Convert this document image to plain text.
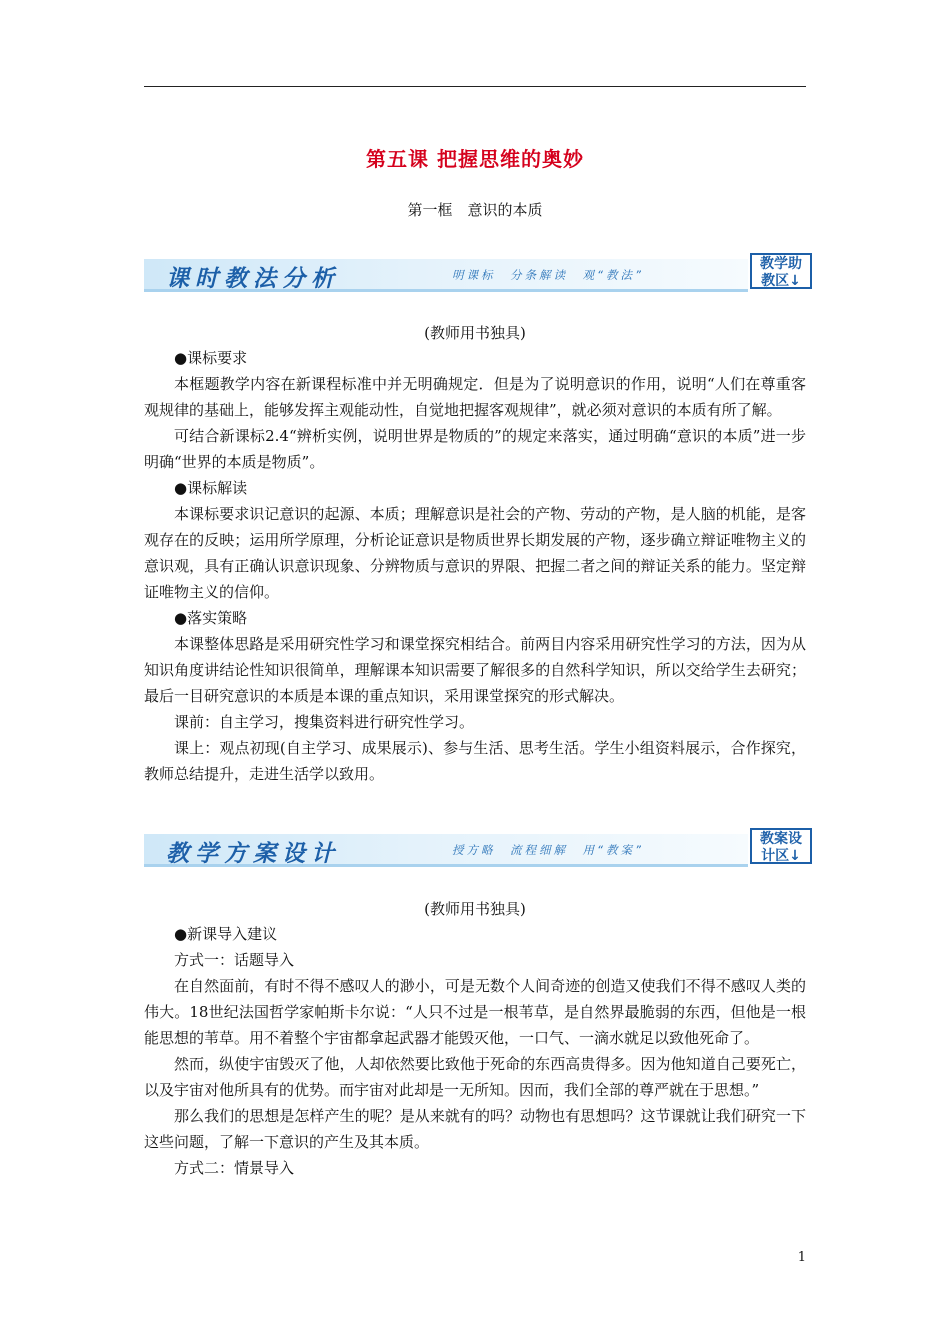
第五课 把握思维的奥妙
第一框　意识的本质
课时教法分析	明课标　分条解读　观“教法”
教学助
教区↓
(教师用书独具)

●课标要求

本框题教学内容在新课程标准中并无明确规定．但是为了说明意识的作用，说明“人们在尊重客观规律的基础上，能够发挥主观能动性，自觉地把握客观规律”，就必须对意识的本质有所了解。

可结合新课标2.4“辨析实例，说明世界是物质的”的规定来落实，通过明确“意识的本质”进一步明确“世界的本质是物质”。

●课标解读

本课标要求识记意识的起源、本质；理解意识是社会的产物、劳动的产物，是人脑的机能，是客观存在的反映；运用所学原理，分析论证意识是物质世界长期发展的产物，逐步确立辩证唯物主义的意识观，具有正确认识意识现象、分辨物质与意识的界限、把握二者之间的辩证关系的能力。坚定辩证唯物主义的信仰。

●落实策略

本课整体思路是采用研究性学习和课堂探究相结合。前两目内容采用研究性学习的方法，因为从知识角度讲结论性知识很简单，理解课本知识需要了解很多的自然科学知识，所以交给学生去研究；最后一目研究意识的本质是本课的重点知识，采用课堂探究的形式解决。

课前：自主学习，搜集资料进行研究性学习。

课上：观点初现(自主学习、成果展示)、参与生活、思考生活。学生小组资料展示，合作探究，教师总结提升，走进生活学以致用。

教学方案设计	授方略　流程细解　用“教案”
教案设
计区↓
(教师用书独具)

●新课导入建议

方式一：话题导入

在自然面前，有时不得不感叹人的渺小，可是无数个人间奇迹的创造又使我们不得不感叹人类的伟大。18世纪法国哲学家帕斯卡尔说：“人只不过是一根苇草，是自然界最脆弱的东西，但他是一根能思想的苇草。用不着整个宇宙都拿起武器才能毁灭他，一口气、一滴水就足以致他死命了。

然而，纵使宇宙毁灭了他，人却依然要比致他于死命的东西高贵得多。因为他知道自己要死亡，以及宇宙对他所具有的优势。而宇宙对此却是一无所知。因而，我们全部的尊严就在于思想。”

那么我们的思想是怎样产生的呢？是从来就有的吗？动物也有思想吗？这节课就让我们研究一下这些问题，了解一下意识的产生及其本质。

方式二：情景导入

1
